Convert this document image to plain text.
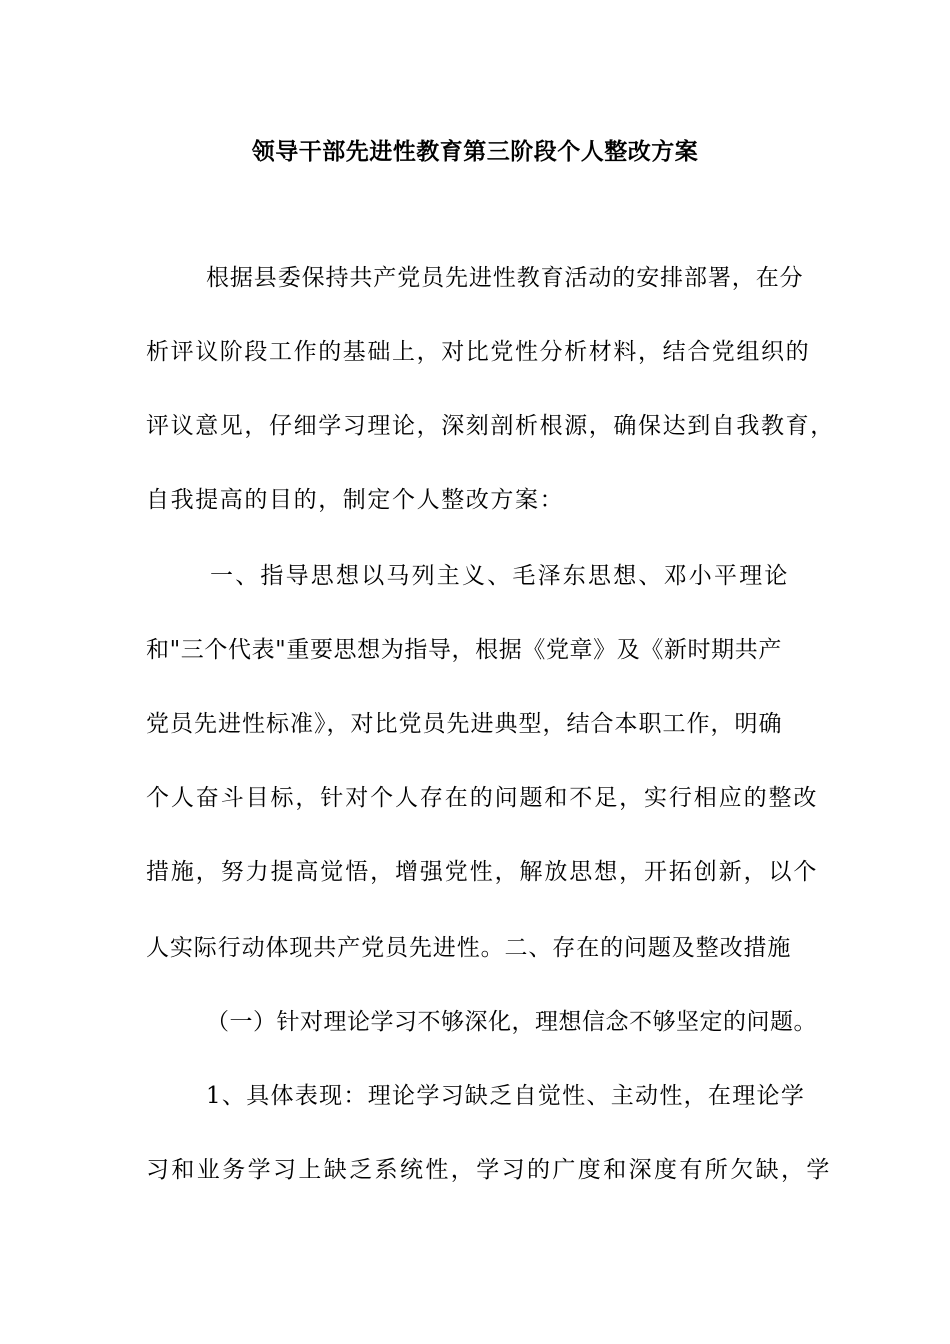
领导干部先进性教育第三阶段个人整改方案

根据县委保持共产党员先进性教育活动的安排部署，在分

析评议阶段工作的基础上，对比党性分析材料，结合党组织的

评议意见，仔细学习理论，深刻剖析根源，确保达到自我教育，

自我提高的目的，制定个人整改方案：

一、指导思想以马列主义、毛泽东思想、邓小平理论

和"三个代表"重要思想为指导，根据《党章》及《新时期共产

党员先进性标准》，对比党员先进典型，结合本职工作，明确

个人奋斗目标，针对个人存在的问题和不足，实行相应的整改

措施，努力提高觉悟，增强党性，解放思想，开拓创新，以个

人实际行动体现共产党员先进性。二、存在的问题及整改措施

（一）针对理论学习不够深化，理想信念不够坚定的问题。

1、具体表现：理论学习缺乏自觉性、主动性，在理论学

习和业务学习上缺乏系统性，学习的广度和深度有所欠缺，学
